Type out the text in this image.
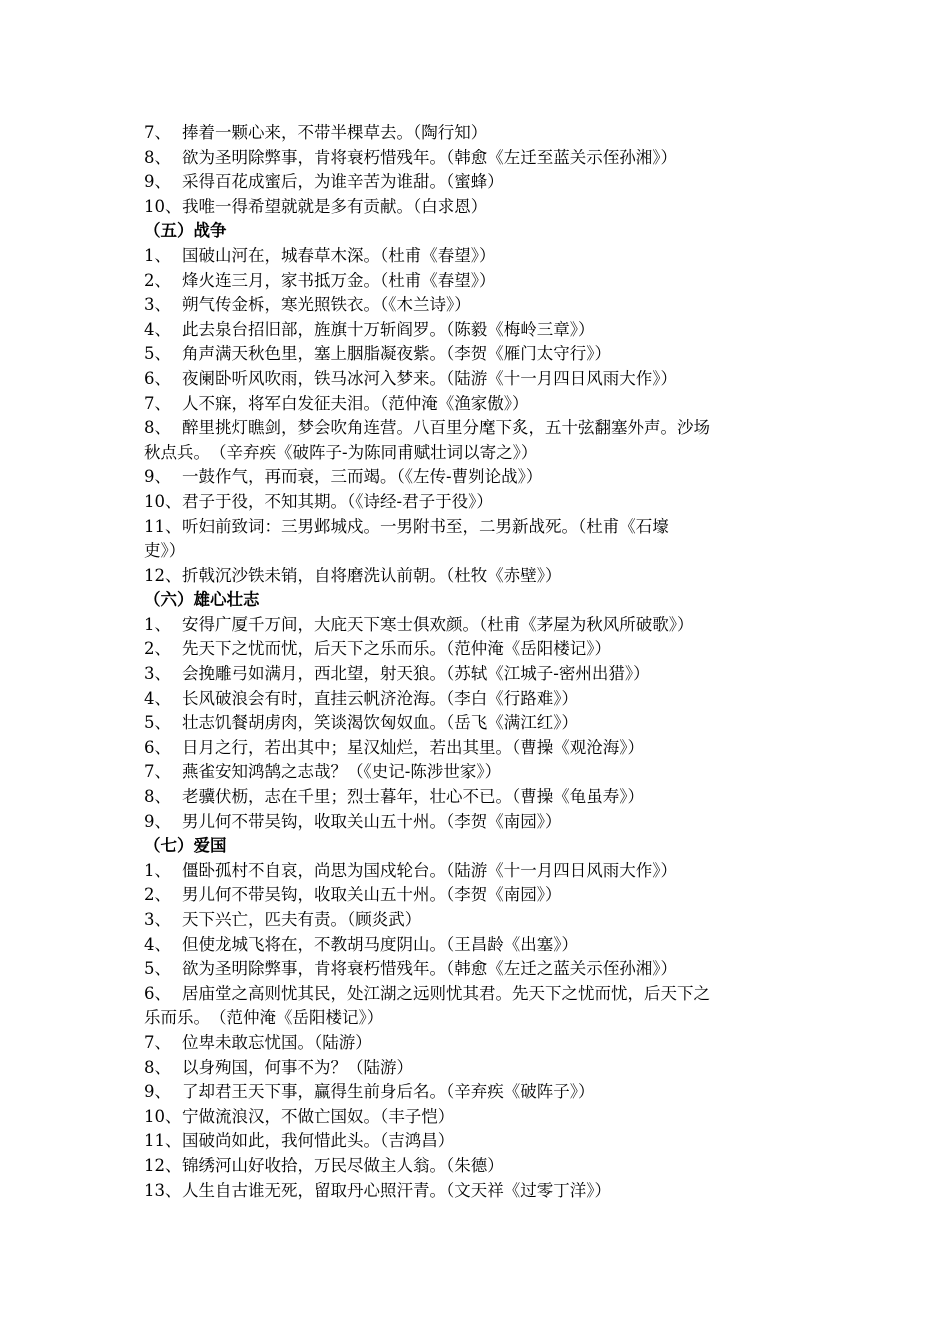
7、 捧着一颗心来，不带半棵草去。（陶行知）
8、 欲为圣明除弊事，肯将衰朽惜残年。（韩愈《左迁至蓝关示侄孙湘》）
9、 采得百花成蜜后，为谁辛苦为谁甜。（蜜蜂）
10、我唯一得希望就就是多有贡献。（白求恩）
（五）战争
1、 国破山河在，城春草木深。（杜甫《春望》）
2、 烽火连三月，家书抵万金。（杜甫《春望》）
3、 朔气传金柝，寒光照铁衣。（《木兰诗》）
4、 此去泉台招旧部，旌旗十万斩阎罗。（陈毅《梅岭三章》）
5、 角声满天秋色里，塞上胭脂凝夜紫。（李贺《雁门太守行》）
6、 夜阑卧听风吹雨，铁马冰河入梦来。（陆游《十一月四日风雨大作》）
7、 人不寐，将军白发征夫泪。（范仲淹《渔家傲》）
8、 醉里挑灯瞧剑，梦会吹角连营。八百里分麾下炙，五十弦翻塞外声。沙场
秋点兵。　（辛弃疾《破阵子-为陈同甫赋壮词以寄之》）
9、 一鼓作气，再而衰，三而竭。（《左传-曹刿论战》）
10、君子于役，不知其期。（《诗经-君子于役》）
11、听妇前致词：三男邺城戍。一男附书至，二男新战死。（杜甫《石壕
吏》）
12、折戟沉沙铁未销，自将磨洗认前朝。（杜牧《赤壁》）
（六）雄心壮志
1、 安得广厦千万间，大庇天下寒士俱欢颜。（杜甫《茅屋为秋风所破歌》）
2、 先天下之忧而忧，后天下之乐而乐。（范仲淹《岳阳楼记》）
3、 会挽雕弓如满月，西北望，射天狼。（苏轼《江城子-密州出猎》）
4、 长风破浪会有时，直挂云帆济沧海。（李白《行路难》）
5、 壮志饥餐胡虏肉，笑谈渴饮匈奴血。（岳飞《满江红》）
6、 日月之行，若出其中；星汉灿烂，若出其里。（曹操《观沧海》）
7、 燕雀安知鸿鹄之志哉？（《史记-陈涉世家》）
8、 老骥伏枥，志在千里；烈士暮年，壮心不已。（曹操《龟虽寿》）
9、 男儿何不带吴钩，收取关山五十州。（李贺《南园》）
（七）爱国
1、 僵卧孤村不自哀，尚思为国戍轮台。（陆游《十一月四日风雨大作》）
2、 男儿何不带吴钩，收取关山五十州。（李贺《南园》）
3、 天下兴亡，匹夫有责。（顾炎武）
4、 但使龙城飞将在，不教胡马度阴山。（王昌龄《出塞》）
5、 欲为圣明除弊事，肯将衰朽惜残年。（韩愈《左迁之蓝关示侄孙湘》）
6、 居庙堂之高则忧其民，处江湖之远则忧其君。先天下之忧而忧，后天下之
乐而乐。　（范仲淹《岳阳楼记》）
7、 位卑未敢忘忧国。（陆游）
8、 以身殉国，何事不为？（陆游）
9、 了却君王天下事，赢得生前身后名。（辛弃疾《破阵子》）
10、宁做流浪汉，不做亡国奴。（丰子恺）
11、国破尚如此，我何惜此头。（吉鸿昌）
12、锦绣河山好收拾，万民尽做主人翁。（朱德）
13、人生自古谁无死，留取丹心照汗青。（文天祥《过零丁洋》）
